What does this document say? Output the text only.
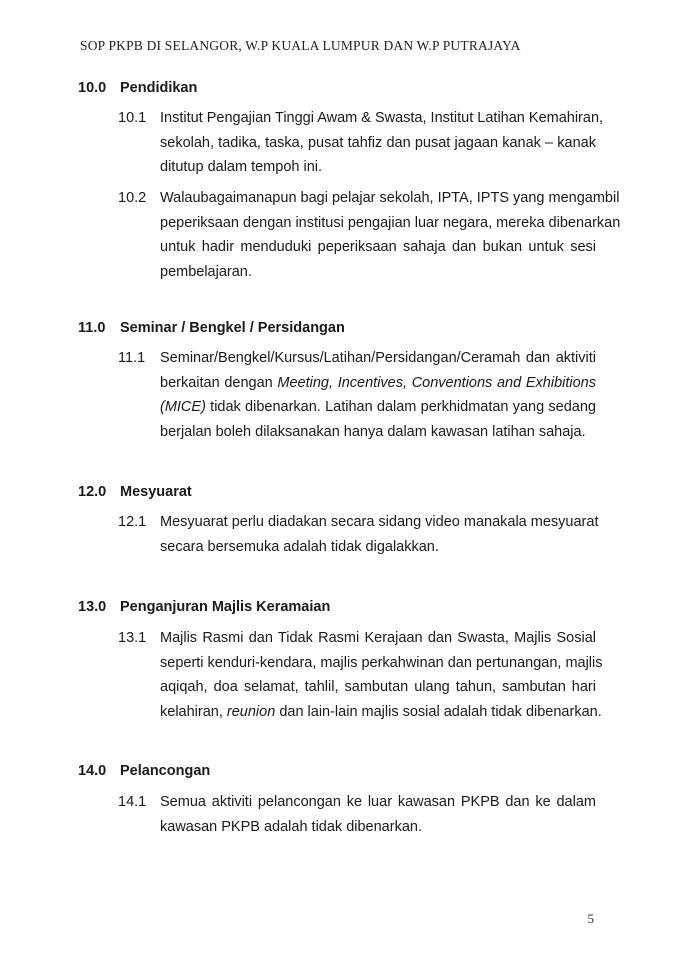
SOP PKPB DI SELANGOR, W.P KUALA LUMPUR DAN W.P PUTRAJAYA
10.0 Pendidikan
10.1 Institut Pengajian Tinggi Awam & Swasta, Institut Latihan Kemahiran,
sekolah, tadika, taska, pusat tahfiz dan pusat jagaan kanak – kanak
ditutup dalam tempoh ini.
10.2 Walaubagaimanapun bagi pelajar sekolah, IPTA, IPTS yang mengambil
peperiksaan dengan institusi pengajian luar negara, mereka dibenarkan
untuk hadir menduduki peperiksaan sahaja dan bukan untuk sesi
pembelajaran.
11.0 Seminar / Bengkel / Persidangan
11.1 Seminar/Bengkel/Kursus/Latihan/Persidangan/Ceramah dan aktiviti
berkaitan dengan Meeting, Incentives, Conventions and Exhibitions
(MICE) tidak dibenarkan. Latihan dalam perkhidmatan yang sedang
berjalan boleh dilaksanakan hanya dalam kawasan latihan sahaja.
12.0 Mesyuarat
12.1 Mesyuarat perlu diadakan secara sidang video manakala mesyuarat
secara bersemuka adalah tidak digalakkan.
13.0 Penganjuran Majlis Keramaian
13.1 Majlis Rasmi dan Tidak Rasmi Kerajaan dan Swasta, Majlis Sosial
seperti kenduri-kendara, majlis perkahwinan dan pertunangan, majlis
aqiqah, doa selamat, tahlil, sambutan ulang tahun, sambutan hari
kelahiran, reunion dan lain-lain majlis sosial adalah tidak dibenarkan.
14.0 Pelancongan
14.1 Semua aktiviti pelancongan ke luar kawasan PKPB dan ke dalam
kawasan PKPB adalah tidak dibenarkan.
5
